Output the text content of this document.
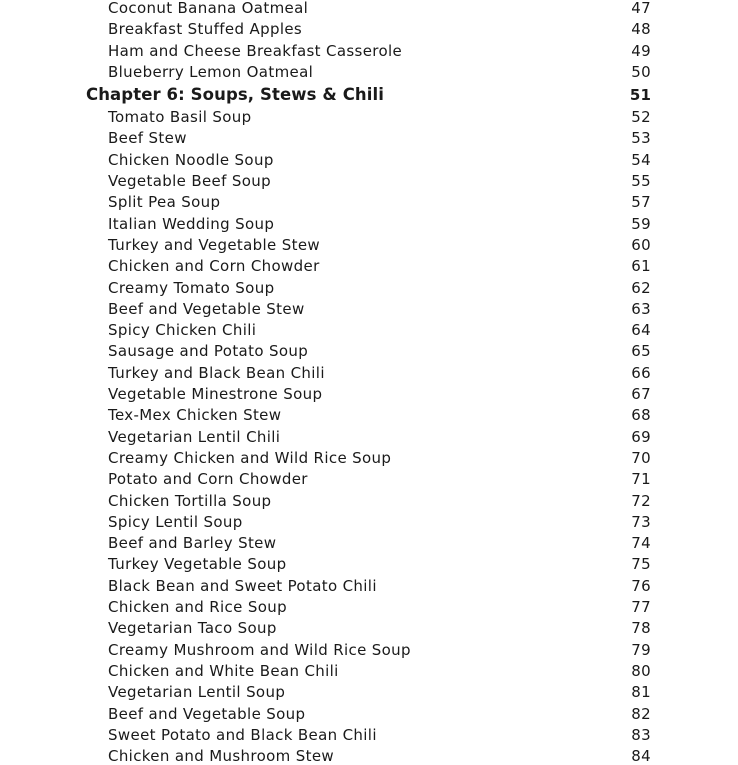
Coconut Banana Oatmeal	47
Breakfast Stuffed Apples	48
Ham and Cheese Breakfast Casserole	49
Blueberry Lemon Oatmeal	50
Chapter 6: Soups, Stews & Chili	51
Tomato Basil Soup	52
Beef Stew	53
Chicken Noodle Soup	54
Vegetable Beef Soup	55
Split Pea Soup	57
Italian Wedding Soup	59
Turkey and Vegetable Stew	60
Chicken and Corn Chowder	61
Creamy Tomato Soup	62
Beef and Vegetable Stew	63
Spicy Chicken Chili	64
Sausage and Potato Soup	65
Turkey and Black Bean Chili	66
Vegetable Minestrone Soup	67
Tex-Mex Chicken Stew	68
Vegetarian Lentil Chili	69
Creamy Chicken and Wild Rice Soup	70
Potato and Corn Chowder	71
Chicken Tortilla Soup	72
Spicy Lentil Soup	73
Beef and Barley Stew	74
Turkey Vegetable Soup	75
Black Bean and Sweet Potato Chili	76
Chicken and Rice Soup	77
Vegetarian Taco Soup	78
Creamy Mushroom and Wild Rice Soup	79
Chicken and White Bean Chili	80
Vegetarian Lentil Soup	81
Beef and Vegetable Soup	82
Sweet Potato and Black Bean Chili	83
Chicken and Mushroom Stew	84
